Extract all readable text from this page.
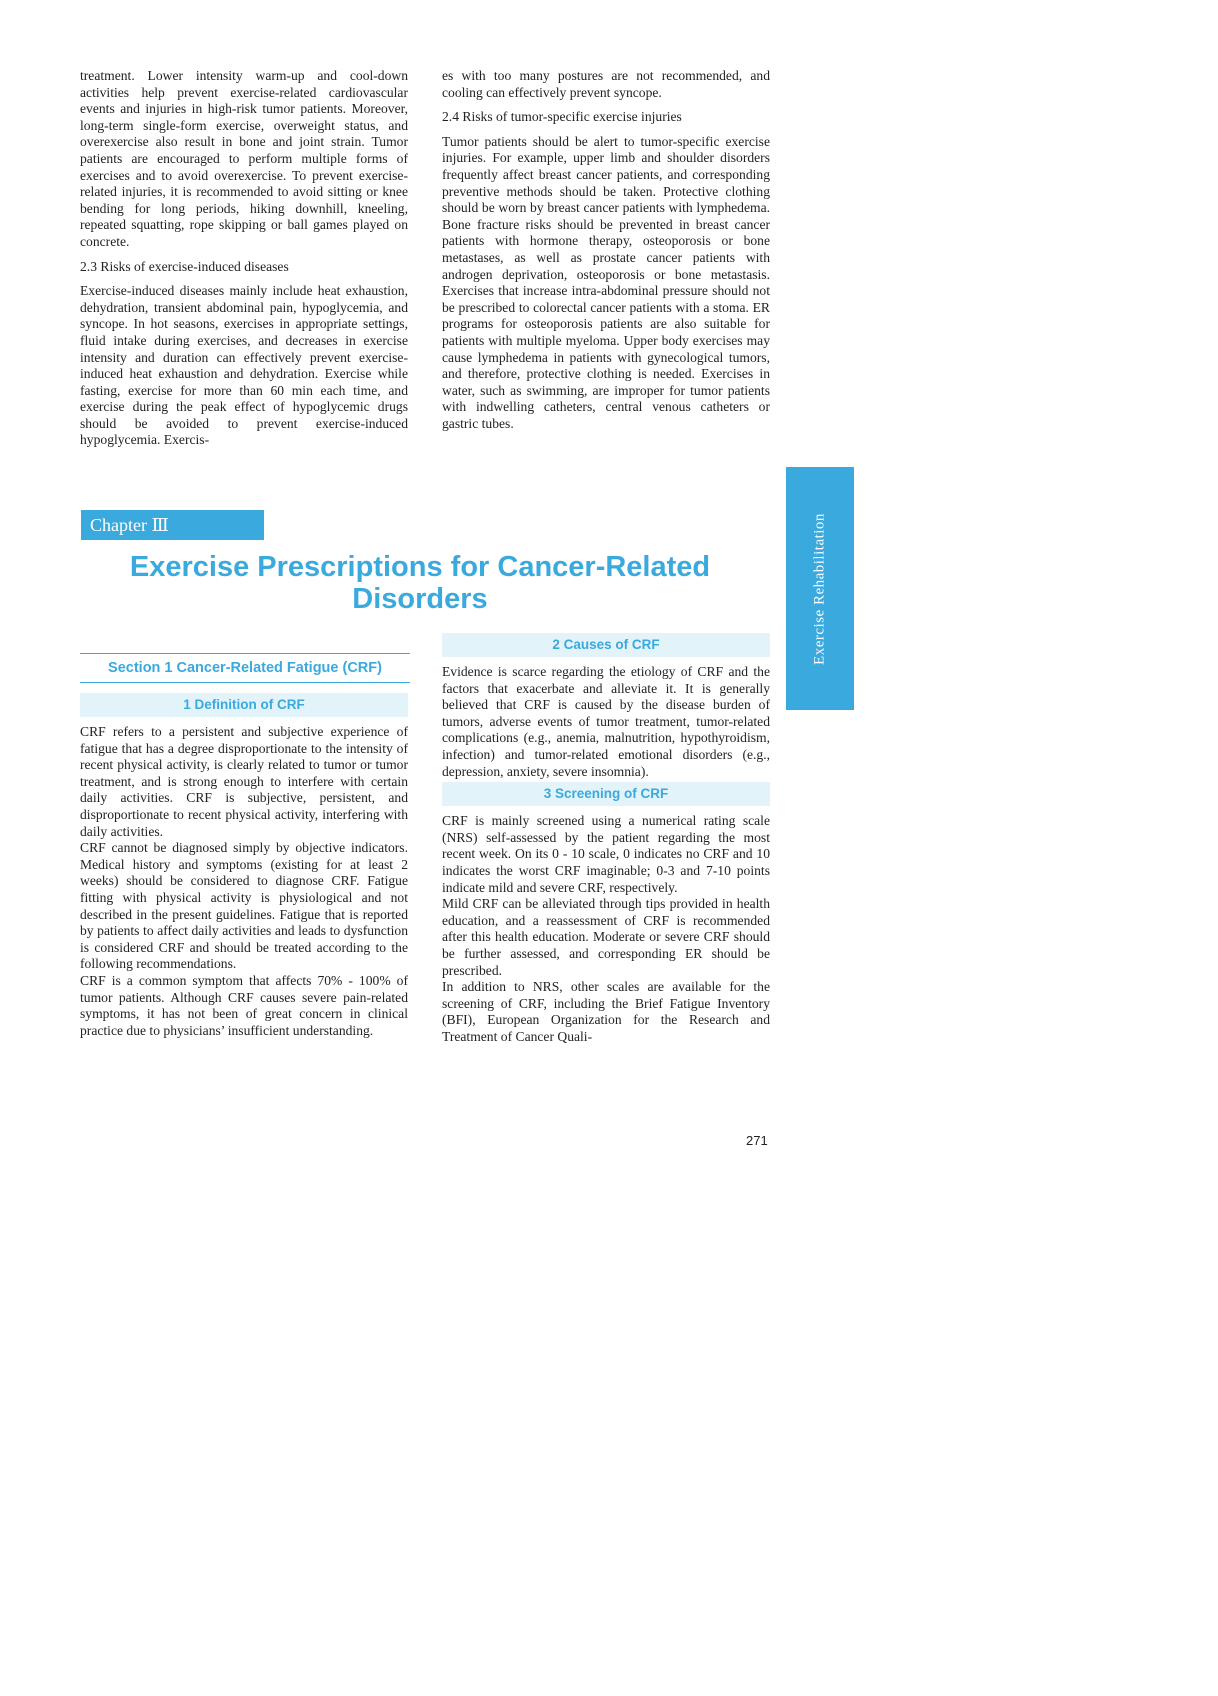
treatment. Lower intensity warm-up and cool-down activities help prevent exercise-related cardiovascular events and injuries in high-risk tumor patients. Moreover, long-term single-form exercise, overweight status, and overexercise also result in bone and joint strain. Tumor patients are encouraged to perform multiple forms of exercises and to avoid overexercise. To prevent exercise-related injuries, it is recommended to avoid sitting or knee bending for long periods, hiking downhill, kneeling, repeated squatting, rope skipping or ball games played on concrete.

2.3 Risks of exercise-induced diseases

Exercise-induced diseases mainly include heat exhaustion, dehydration, transient abdominal pain, hypoglycemia, and syncope. In hot seasons, exercises in appropriate settings, fluid intake during exercises, and decreases in exercise intensity and duration can effectively prevent exercise-induced heat exhaustion and dehydration. Exercise while fasting, exercise for more than 60 min each time, and exercise during the peak effect of hypoglycemic drugs should be avoided to prevent exercise-induced hypoglycemia. Exercis-

es with too many postures are not recommended, and cooling can effectively prevent syncope.

2.4 Risks of tumor-specific exercise injuries

Tumor patients should be alert to tumor-specific exercise injuries. For example, upper limb and shoulder disorders frequently affect breast cancer patients, and corresponding preventive methods should be taken. Protective clothing should be worn by breast cancer patients with lymphedema. Bone fracture risks should be prevented in breast cancer patients with hormone therapy, osteoporosis or bone metastases, as well as prostate cancer patients with androgen deprivation, osteoporosis or bone metastasis. Exercises that increase intra-abdominal pressure should not be prescribed to colorectal cancer patients with a stoma. ER programs for osteoporosis patients are also suitable for patients with multiple myeloma. Upper body exercises may cause lymphedema in patients with gynecological tumors, and therefore, protective clothing is needed. Exercises in water, such as swimming, are improper for tumor patients with indwelling catheters, central venous catheters or gastric tubes.

Exercise Rehabilitation
Chapter Ⅲ
Exercise Prescriptions for Cancer-Related
Disorders
Section 1 Cancer-Related Fatigue (CRF)
1 Definition of CRF

CRF refers to a persistent and subjective experience of fatigue that has a degree disproportionate to the intensity of recent physical activity, is clearly related to tumor or tumor treatment, and is strong enough to interfere with certain daily activities. CRF is subjective, persistent, and disproportionate to recent physical activity, interfering with daily activities.

CRF cannot be diagnosed simply by objective indicators. Medical history and symptoms (existing for at least 2 weeks) should be considered to diagnose CRF. Fatigue fitting with physical activity is physiological and not described in the present guidelines. Fatigue that is reported by patients to affect daily activities and leads to dysfunction is considered CRF and should be treated according to the following recommendations.

CRF is a common symptom that affects 70% - 100% of tumor patients. Although CRF causes severe pain-related symptoms, it has not been of great concern in clinical practice due to physicians’ insufficient understanding.

2 Causes of CRF

Evidence is scarce regarding the etiology of CRF and the factors that exacerbate and alleviate it. It is generally believed that CRF is caused by the disease burden of tumors, adverse events of tumor treatment, tumor-related complications (e.g., anemia, malnutrition, hypothyroidism, infection) and tumor-related emotional disorders (e.g., depression, anxiety, severe insomnia).

3 Screening of CRF

CRF is mainly screened using a numerical rating scale (NRS) self-assessed by the patient regarding the most recent week. On its 0 - 10 scale, 0 indicates no CRF and 10 indicates the worst CRF imaginable; 0-3 and 7-10 points indicate mild and severe CRF, respectively.

Mild CRF can be alleviated through tips provided in health education, and a reassessment of CRF is recommended after this health education. Moderate or severe CRF should be further assessed, and corresponding ER should be prescribed.

In addition to NRS, other scales are available for the screening of CRF, including the Brief Fatigue Inventory (BFI), European Organization for the Research and Treatment of Cancer Quali-

271
